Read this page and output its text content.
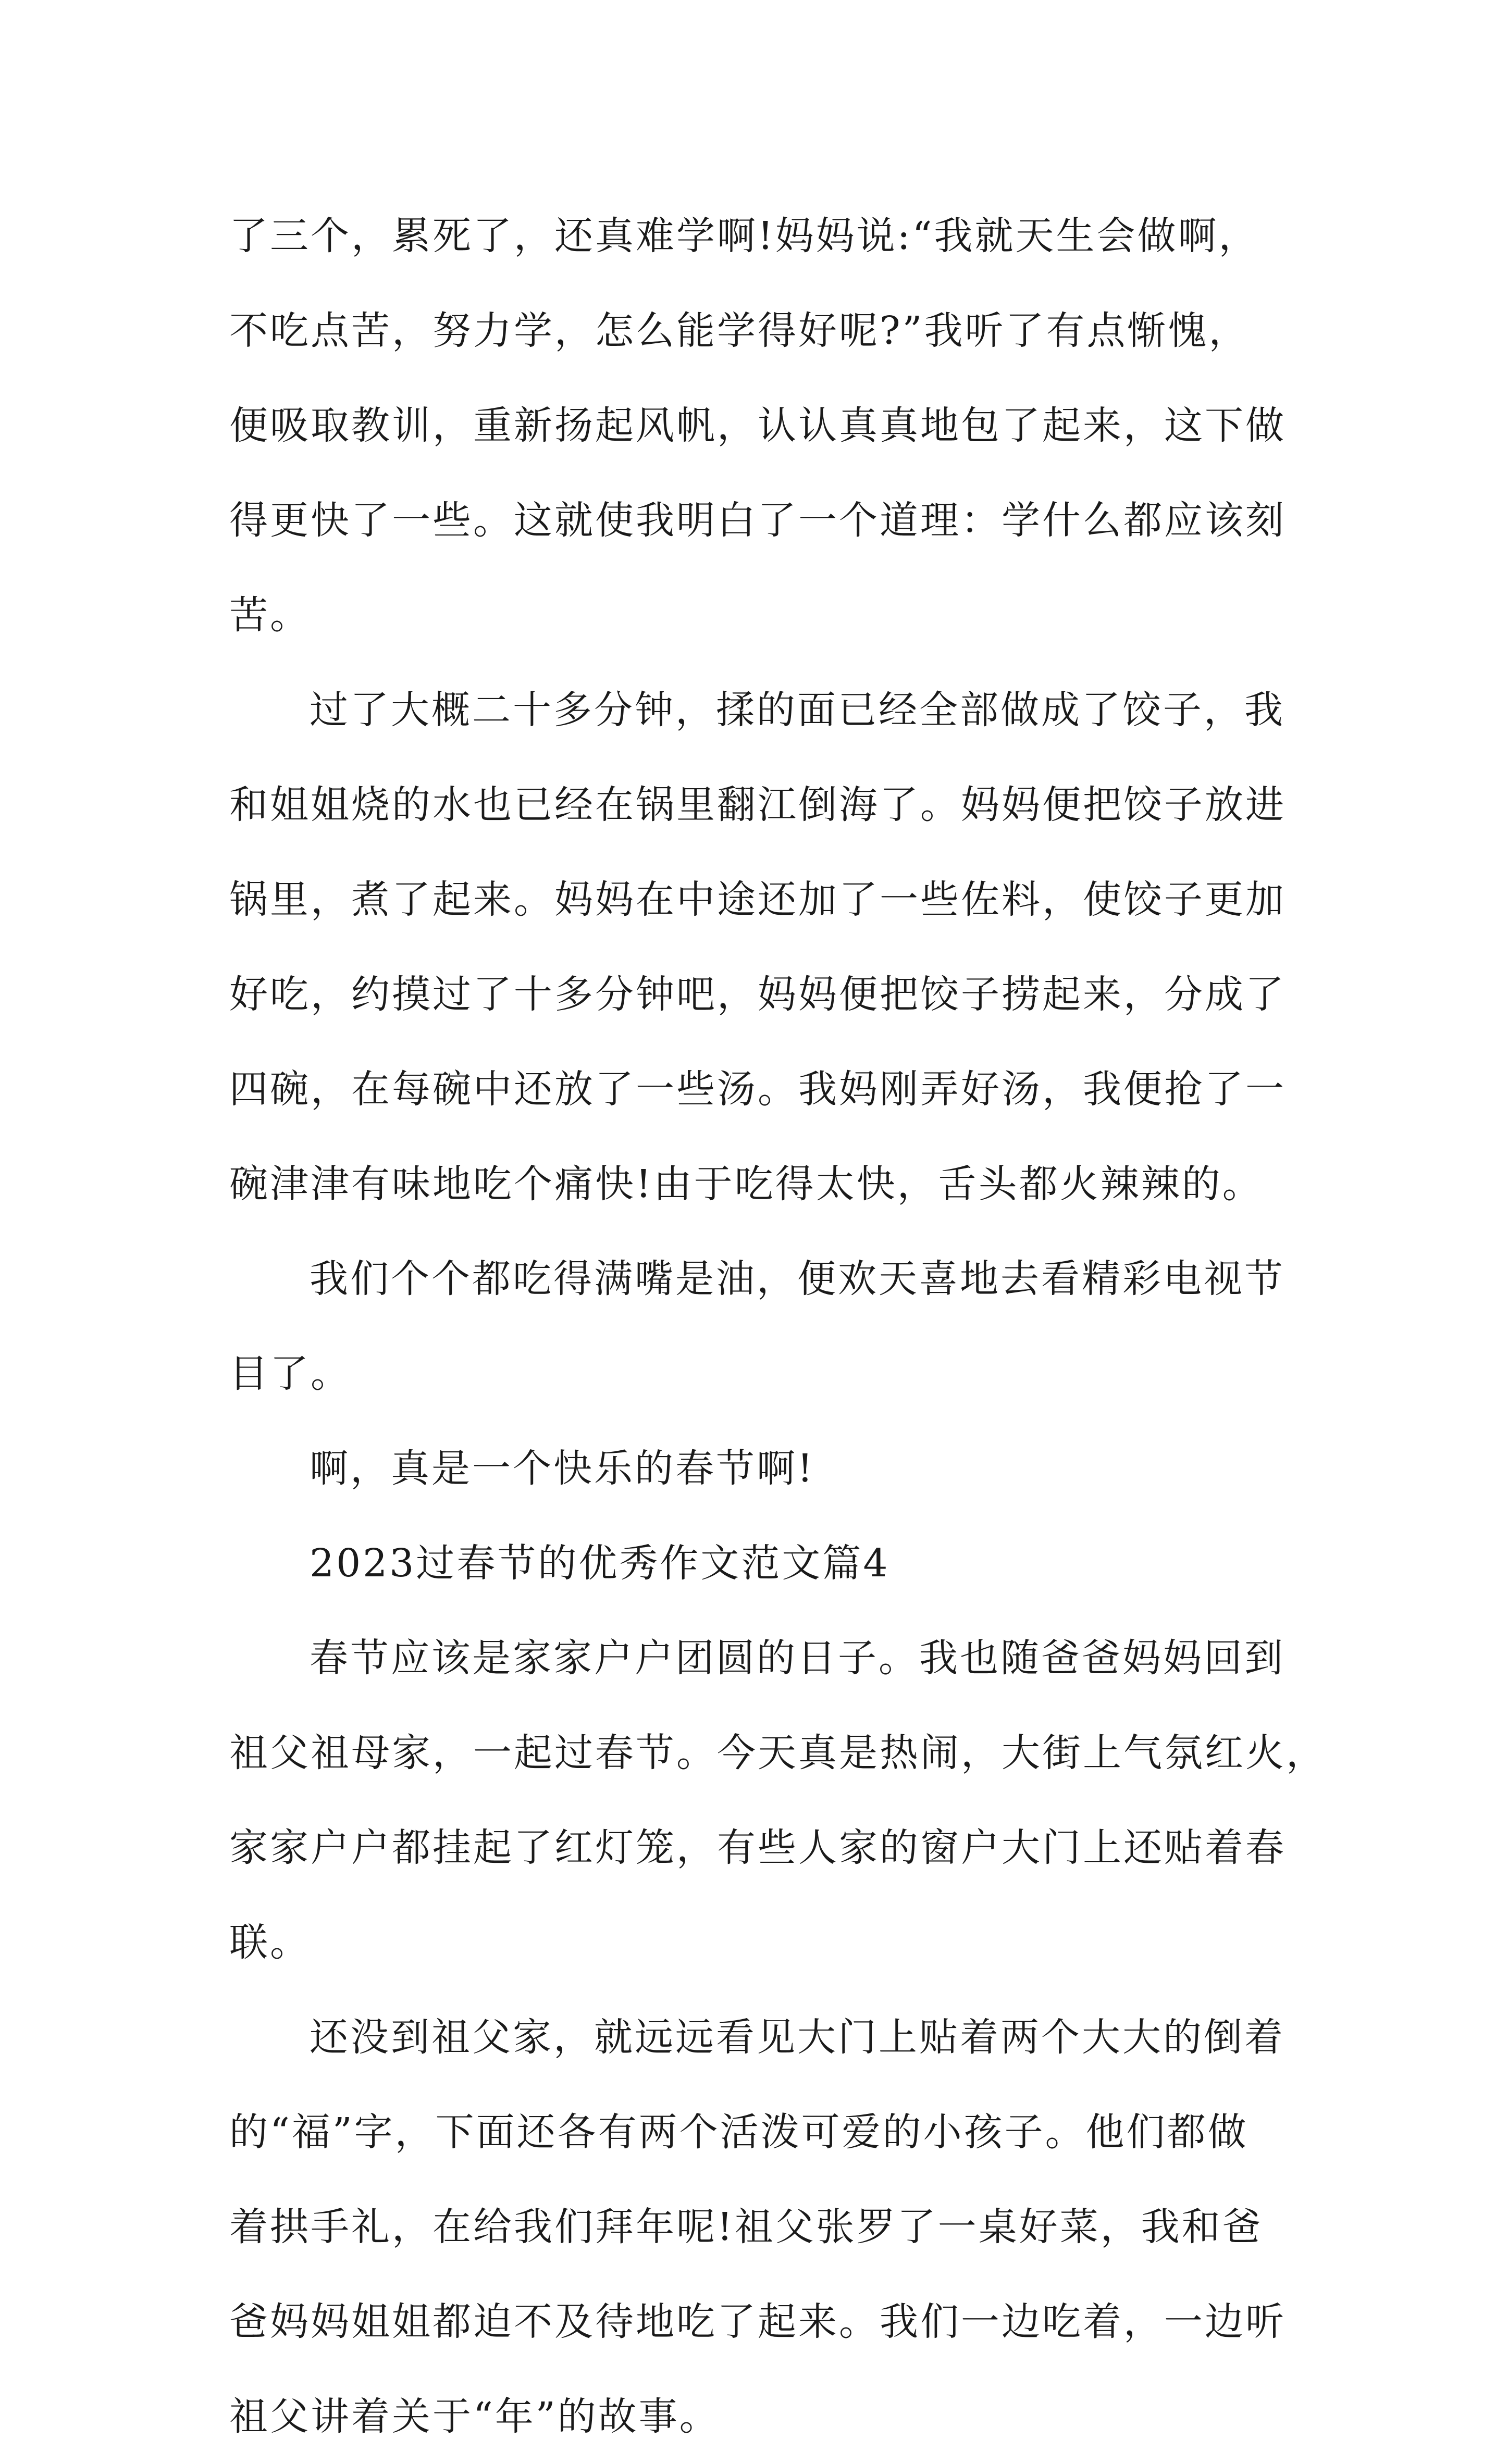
了三个，累死了，还真难学啊!妈妈说:“我就天生会做啊，
不吃点苦，努力学，怎么能学得好呢?”我听了有点惭愧，
便吸取教训，重新扬起风帆，认认真真地包了起来，这下做
得更快了一些。这就使我明白了一个道理：学什么都应该刻
苦。
过了大概二十多分钟，揉的面已经全部做成了饺子，我
和姐姐烧的水也已经在锅里翻江倒海了。妈妈便把饺子放进
锅里，煮了起来。妈妈在中途还加了一些佐料，使饺子更加
好吃，约摸过了十多分钟吧，妈妈便把饺子捞起来，分成了
四碗，在每碗中还放了一些汤。我妈刚弄好汤，我便抢了一
碗津津有味地吃个痛快!由于吃得太快，舌头都火辣辣的。
我们个个都吃得满嘴是油，便欢天喜地去看精彩电视节
目了。
啊，真是一个快乐的春节啊!
2023过春节的优秀作文范文篇4
春节应该是家家户户团圆的日子。我也随爸爸妈妈回到
祖父祖母家，一起过春节。今天真是热闹，大街上气氛红火，
家家户户都挂起了红灯笼，有些人家的窗户大门上还贴着春
联。
还没到祖父家，就远远看见大门上贴着两个大大的倒着
的“福”字，下面还各有两个活泼可爱的小孩子。他们都做
着拱手礼，在给我们拜年呢!祖父张罗了一桌好菜，我和爸
爸妈妈姐姐都迫不及待地吃了起来。我们一边吃着，一边听
祖父讲着关于“年”的故事。
